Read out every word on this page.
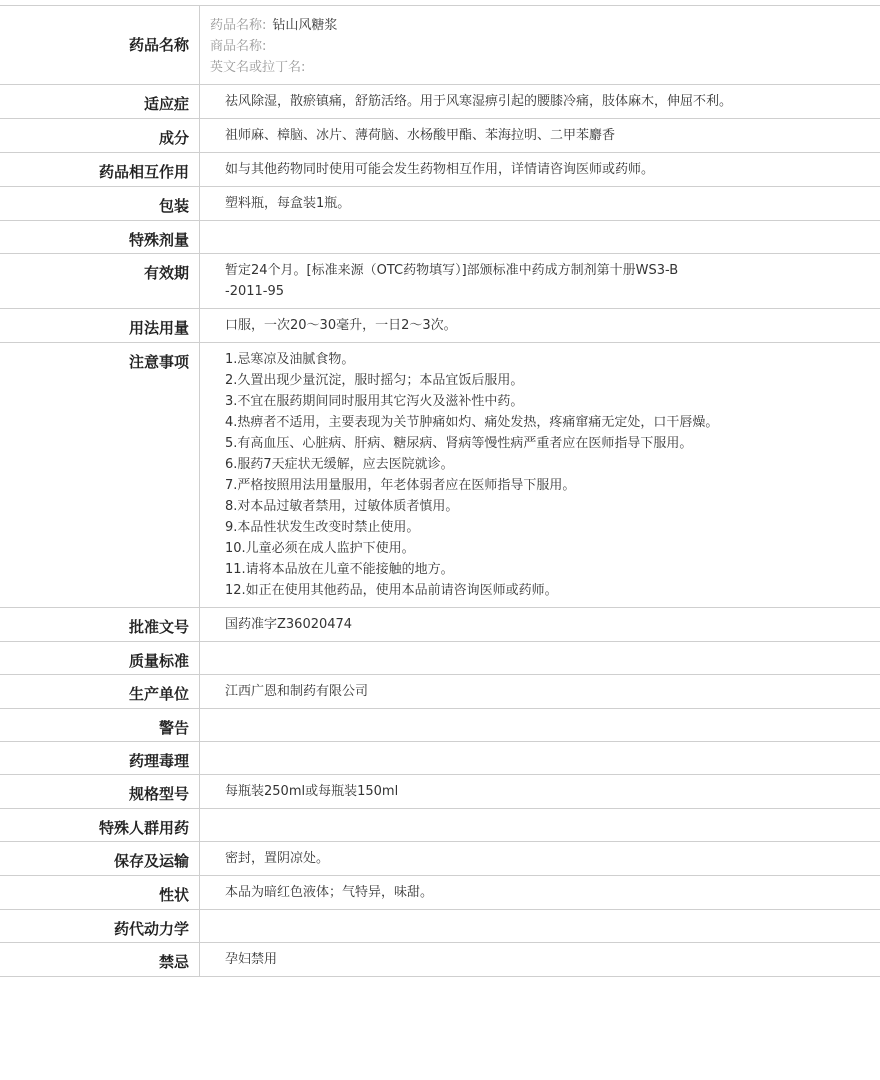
药品名称
药品名称: 钻山风糖浆
商品名称:
英文名或拉丁名:
适应症	祛风除湿，散瘀镇痛，舒筋活络。用于风寒湿痹引起的腰膝冷痛，肢体麻木，伸屈不利。
成分	祖师麻、樟脑、冰片、薄荷脑、水杨酸甲酯、苯海拉明、二甲苯麝香
药品相互作用	如与其他药物同时使用可能会发生药物相互作用，详情请咨询医师或药师。
包装	塑料瓶，每盒装1瓶。
特殊剂量
有效期	暂定24个月。[标准来源（OTC药物填写）]部颁标准中药成方制剂第十册WS3-B
-2011-95
用法用量	口服，一次20～30毫升，一日2～3次。
注意事项	1.忌寒凉及油腻食物。
2.久置出现少量沉淀，服时摇匀；本品宜饭后服用。
3.不宜在服药期间同时服用其它泻火及滋补性中药。
4.热痹者不适用，主要表现为关节肿痛如灼、痛处发热，疼痛窜痛无定处，口干唇燥。
5.有高血压、心脏病、肝病、糖尿病、肾病等慢性病严重者应在医师指导下服用。
6.服药7天症状无缓解，应去医院就诊。
7.严格按照用法用量服用，年老体弱者应在医师指导下服用。
8.对本品过敏者禁用，过敏体质者慎用。
9.本品性状发生改变时禁止使用。
10.儿童必须在成人监护下使用。
11.请将本品放在儿童不能接触的地方。
12.如正在使用其他药品，使用本品前请咨询医师或药师。
批准文号	国药准字Z36020474
质量标准
生产单位	江西广恩和制药有限公司
警告
药理毒理
规格型号	每瓶装250ml或每瓶装150ml
特殊人群用药
保存及运输	密封，置阴凉处。
性状	本品为暗红色液体；气特异，味甜。
药代动力学
禁忌	孕妇禁用
